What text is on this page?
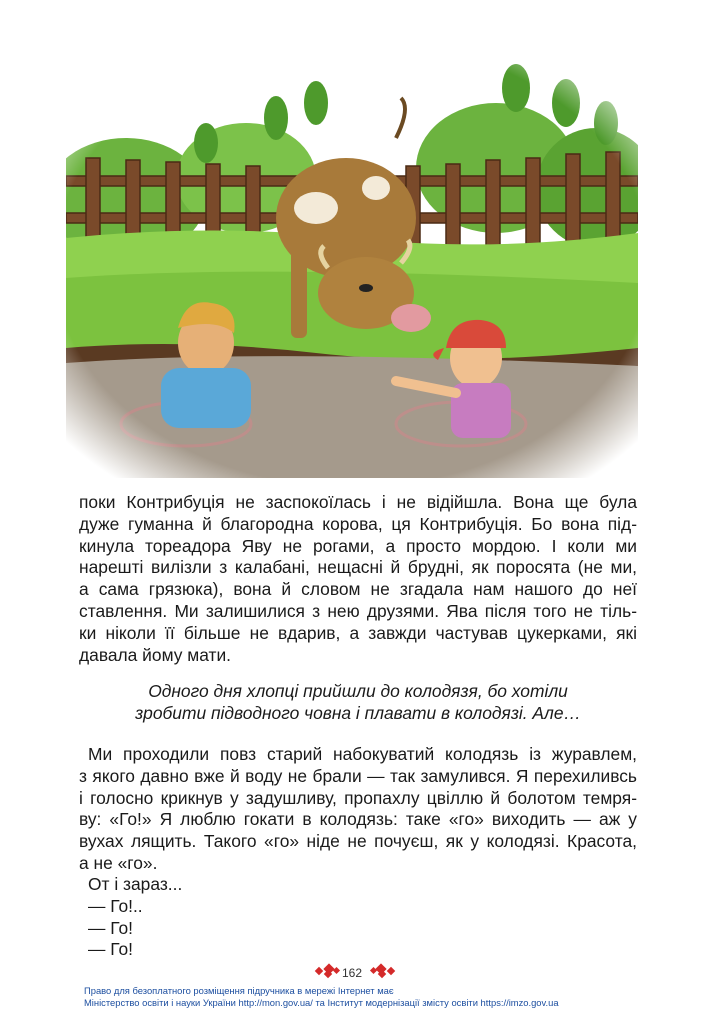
поки Контрибуція не заспокоїлась і не відійшла. Вона ще була
дуже гуманна й благородна корова, ця Контрибуція. Бо вона під-
кинула тореадора Яву не рогами, а просто мордою. І коли ми
нарешті вилізли з калабані, нещасні й брудні, як поросята (не ми,
а сама грязюка), вона й словом не згадала нам нашого до неї
ставлення. Ми залишилися з нею друзями. Ява після того не тіль-
ки ніколи її більше не вдарив, а завжди частував цукерками, які
давала йому мати.
Одного дня хлопці прийшли до колодязя, бо хотіли
зробити підводного човна і плавати в колодязі. Але…
Ми проходили повз старий набокуватий колодязь із журавлем,
з якого давно вже й воду не брали — так замулився. Я перехиливсь
і голосно крикнув у задушливу, пропахлу цвіллю й болотом темря-
ву: «Го!» Я люблю гокати в колодязь: таке «го» виходить — аж у
вухах лящить. Такого «го» ніде не почуєш, як у колодязі. Красота,
а не «го».
От і зараз...
— Го!..
— Го!
— Го!
162
Право для безоплатного розміщення підручника в мережі Інтернет має
Міністерство освіти і науки України http://mon.gov.ua/ та Інститут модернізації змісту освіти https://imzo.gov.ua
